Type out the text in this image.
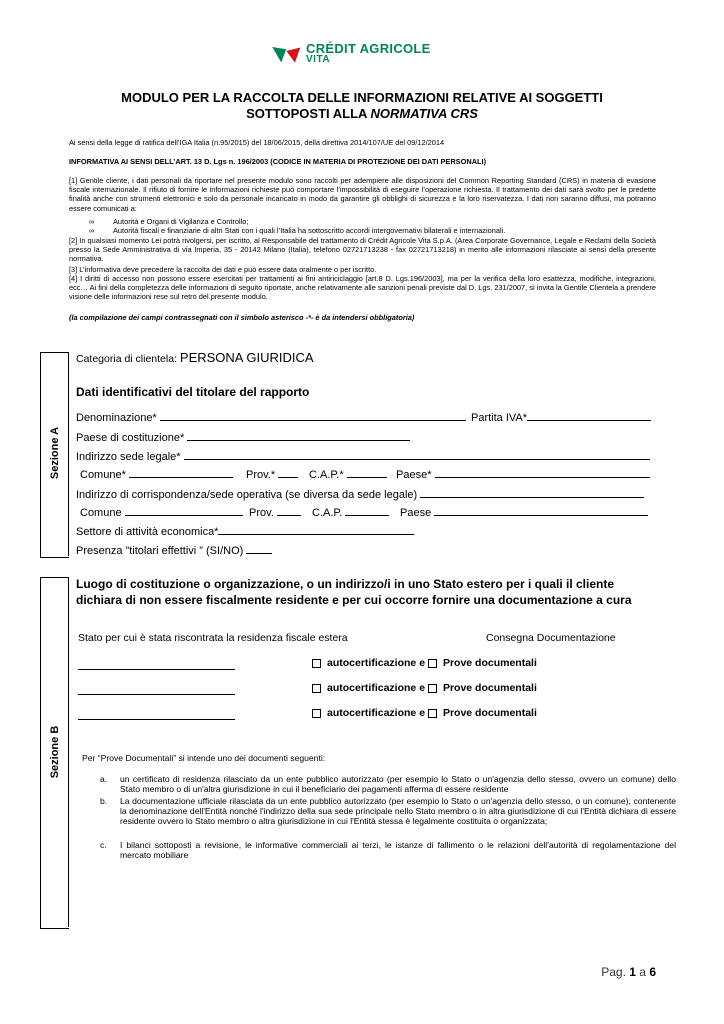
CRÉDIT AGRICOLE
VITA
MODULO PER LA RACCOLTA DELLE INFORMAZIONI RELATIVE AI SOGGETTI
SOTTOPOSTI ALLA NORMATIVA CRS
Ai sensi della legge di ratifica dell’IGA Italia (n.95/2015) del 18/06/2015, della direttiva 2014/107/UE del 09/12/2014
INFORMATIVA AI SENSI DELL’ART. 13 D. Lgs n. 196/2003 (CODICE IN MATERIA DI PROTEZIONE DEI DATI PERSONALI)
[1] Gentile cliente, i dati personali da riportare nel presente modulo sono raccolti per adempiere alle disposizioni del Common Reporting Standard (CRS) in materia di evasione fiscale internazionale. Il rifiuto di fornire le informazioni richieste può comportare l’impossibilità di eseguire l’operazione richiesta. Il trattamento dei dati sarà svolto per le predette finalità anche con strumenti elettronici e solo da personale incaricato in modo da garantire gli obblighi di sicurezza e la loro riservatezza. I dati non saranno diffusi, ma potranno essere comunicati a:
∞	Autorità e Organi di Vigilanza e Controllo;
∞	Autorità fiscali e finanziarie di altri Stati con i quali l’Italia ha sottoscritto accordi intergovernativi bilaterali e internazionali.
[2] In qualsiasi momento Lei potrà rivolgersi, per iscritto, al Responsabile del trattamento di Crédit Agricole Vita S.p.A. (Area Corporate Governance, Legale e Reclami della Società presso la Sede Amministrativa di via Imperia, 35 - 20142 Milano (Italia), telefono 02721713238 - fax 02721713218) in merito alle informazioni rilasciate ai sensi della presente normativa.
[3] L’informativa deve precedere la raccolta dei dati e può essere data oralmente o per iscritto.
[4] I diritti di accesso non possono essere esercitati per trattamenti ai fini antiriciclaggio [art.8 D. Lgs.196/2003], ma per la verifica della loro esattezza, modifiche, integrazioni, ecc… Ai fini della completezza delle informazioni di seguito riportate, anche relativamente alle sanzioni penali previste dal D. Lgs. 231/2007, si invita la Gentile Clientela a prendere visione delle informazioni rese sul retro del presente modulo.
(la compilazione dei campi contrassegnati con il simbolo asterisco -*- è da intendersi obbligatoria)
Sezione A
Categoria di clientela: PERSONA GIURIDICA
Dati identificativi del titolare del rapporto
Denominazione*	Partita IVA*
Paese di costituzione*
Indirizzo sede legale*
Comune*	Prov.*	C.A.P.*	Paese*
Indirizzo di corrispondenza/sede operativa (se diversa da sede legale)
Comune	Prov.	C.A.P.	Paese
Settore di attività economica*
Presenza ”titolari effettivi ” (SI/NO)
Sezione B
Luogo di costituzione o organizzazione, o un indirizzo/i in uno Stato estero per i quali il cliente
dichiara di non essere fiscalmente residente e per cui occorre fornire una documentazione a cura
Stato per cui è stata riscontrata la residenza fiscale estera	Consegna Documentazione
autocertificazione e Prove documentali
autocertificazione e Prove documentali
autocertificazione e Prove documentali
Per “Prove Documentali” si intende uno dei documenti seguenti:
a. un certificato di residenza rilasciato da un ente pubblico autorizzato (per esempio lo Stato o un'agenzia dello stesso, ovvero un comune) dello Stato membro o di un'altra giurisdizione in cui il beneficiario dei pagamenti afferma di essere residente
b. La documentazione ufficiale rilasciata da un ente pubblico autorizzato (per esempio lo Stato o un'agenzia dello stesso, o un comune), contenente la denominazione dell'Entità nonché l'indirizzo della sua sede principale nello Stato membro o in altra giurisdizione di cui l'Entità dichiara di essere residente ovvero lo Stato membro o altra giurisdizione in cui l'Entità stessa è legalmente costituita o organizzata;
c. I bilanci sottoposti a revisione, le informative commerciali ai terzi, le istanze di fallimento o le relazioni dell'autorità di regolamentazione del mercato mobiliare
Pag. 1 a 6
